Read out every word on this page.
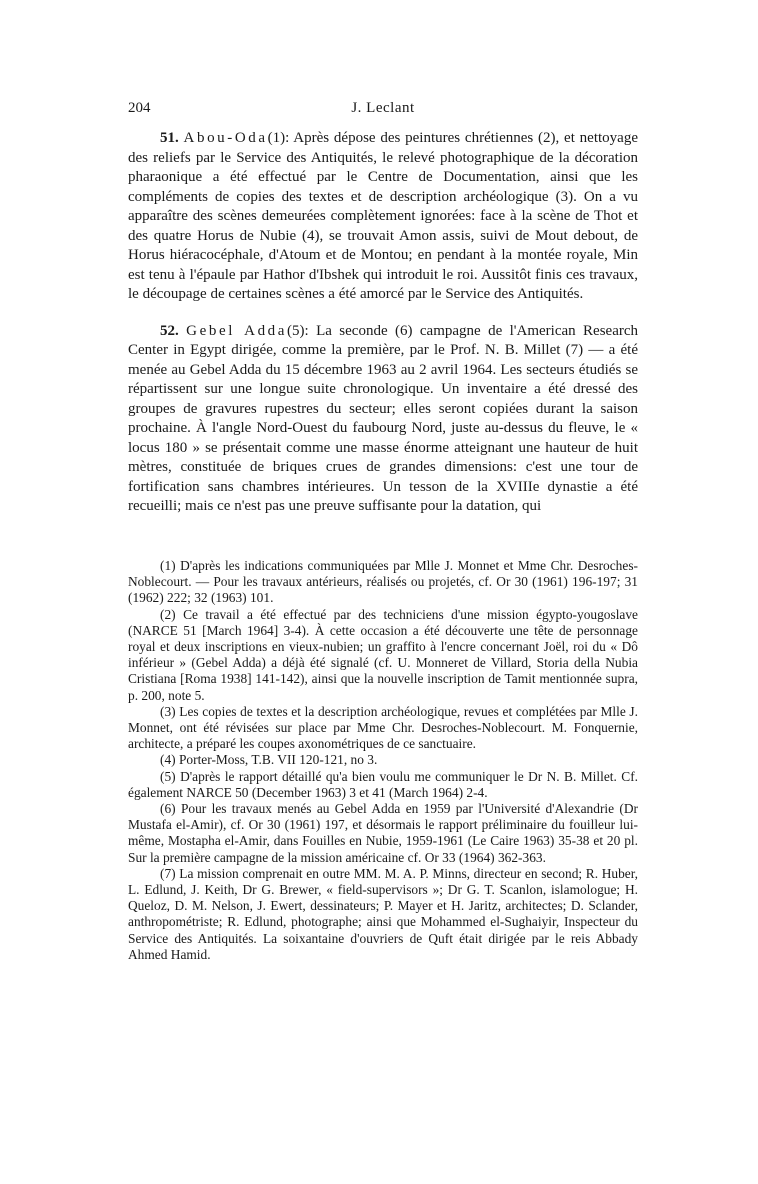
204	J. Leclant

51. Abou-Oda(1): Après dépose des peintures chrétiennes (2), et nettoyage des reliefs par le Service des Antiquités, le relevé photographique de la décoration pharaonique a été effectué par le Centre de Documentation, ainsi que les compléments de copies des textes et de description archéologique (3). On a vu apparaître des scènes demeurées complètement ignorées: face à la scène de Thot et des quatre Horus de Nubie (4), se trouvait Amon assis, suivi de Mout debout, de Horus hiéracocéphale, d'Atoum et de Montou; en pendant à la montée royale, Min est tenu à l'épaule par Hathor d'Ibshek qui introduit le roi. Aussitôt finis ces travaux, le découpage de certaines scènes a été amorcé par le Service des Antiquités.

52. Gebel Adda(5): La seconde (6) campagne de l'American Research Center in Egypt dirigée, comme la première, par le Prof. N. B. Millet (7) — a été menée au Gebel Adda du 15 décembre 1963 au 2 avril 1964. Les secteurs étudiés se répartissent sur une longue suite chronologique. Un inventaire a été dressé des groupes de gravures rupestres du secteur; elles seront copiées durant la saison prochaine. À l'angle Nord-Ouest du faubourg Nord, juste au-dessus du fleuve, le « locus 180 » se présentait comme une masse énorme atteignant une hauteur de huit mètres, constituée de briques crues de grandes dimensions: c'est une tour de fortification sans chambres intérieures. Un tesson de la XVIIIe dynastie a été recueilli; mais ce n'est pas une preuve suffisante pour la datation, qui

(1) D'après les indications communiquées par Mlle J. Monnet et Mme Chr. Desroches-Noblecourt. — Pour les travaux antérieurs, réalisés ou projetés, cf. Or 30 (1961) 196-197; 31 (1962) 222; 32 (1963) 101.

(2) Ce travail a été effectué par des techniciens d'une mission égypto-yougoslave (NARCE 51 [March 1964] 3-4). À cette occasion a été découverte une tête de personnage royal et deux inscriptions en vieux-nubien; un graffito à l'encre concernant Joël, roi du « Dô inférieur » (Gebel Adda) a déjà été signalé (cf. U. Monneret de Villard, Storia della Nubia Cristiana [Roma 1938] 141-142), ainsi que la nouvelle inscription de Tamit mentionnée supra, p. 200, note 5.

(3) Les copies de textes et la description archéologique, revues et complétées par Mlle J. Monnet, ont été révisées sur place par Mme Chr. Desroches-Noblecourt. M. Fonquernie, architecte, a préparé les coupes axonométriques de ce sanctuaire.

(4) Porter-Moss, T.B. VII 120-121, no 3.

(5) D'après le rapport détaillé qu'a bien voulu me communiquer le Dr N. B. Millet. Cf. également NARCE 50 (December 1963) 3 et 41 (March 1964) 2-4.

(6) Pour les travaux menés au Gebel Adda en 1959 par l'Université d'Alexandrie (Dr Mustafa el-Amir), cf. Or 30 (1961) 197, et désormais le rapport préliminaire du fouilleur lui-même, Mostapha el-Amir, dans Fouilles en Nubie, 1959-1961 (Le Caire 1963) 35-38 et 20 pl. Sur la première campagne de la mission américaine cf. Or 33 (1964) 362-363.

(7) La mission comprenait en outre MM. M. A. P. Minns, directeur en second; R. Huber, L. Edlund, J. Keith, Dr G. Brewer, « field-supervisors »; Dr G. T. Scanlon, islamologue; H. Queloz, D. M. Nelson, J. Ewert, dessinateurs; P. Mayer et H. Jaritz, architectes; D. Sclander, anthropométriste; R. Edlund, photographe; ainsi que Mohammed el-Sughaiyir, Inspecteur du Service des Antiquités. La soixantaine d'ouvriers de Quft était dirigée par le reis Abbady Ahmed Hamid.
